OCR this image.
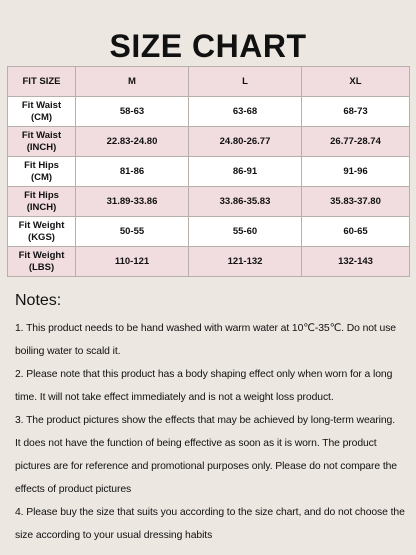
SIZE CHART
FIT SIZE	M	L	XL
Fit Waist
(CM)	58-63	63-68	68-73
Fit Waist
(INCH)	22.83-24.80	24.80-26.77	26.77-28.74
Fit Hips
(CM)	81-86	86-91	91-96
Fit Hips
(INCH)	31.89-33.86	33.86-35.83	35.83-37.80
Fit Weight
(KGS)	50-55	55-60	60-65
Fit Weight
(LBS)	110-121	121-132	132-143
Notes:

1. This product needs to be hand washed with warm water at 10℃-35℃. Do not use

boiling water to scald it.

2. Please note that this product has a body shaping effect only when worn for a long

time. It will not take effect immediately and is not a weight loss product.

3. The product pictures show the effects that may be achieved by long-term wearing.

It does not have the function of being effective as soon as it is worn. The product

pictures are for reference and promotional purposes only. Please do not compare the

effects of product pictures

4. Please buy the size that suits you according to the size chart, and do not choose the

size according to your usual dressing habits
